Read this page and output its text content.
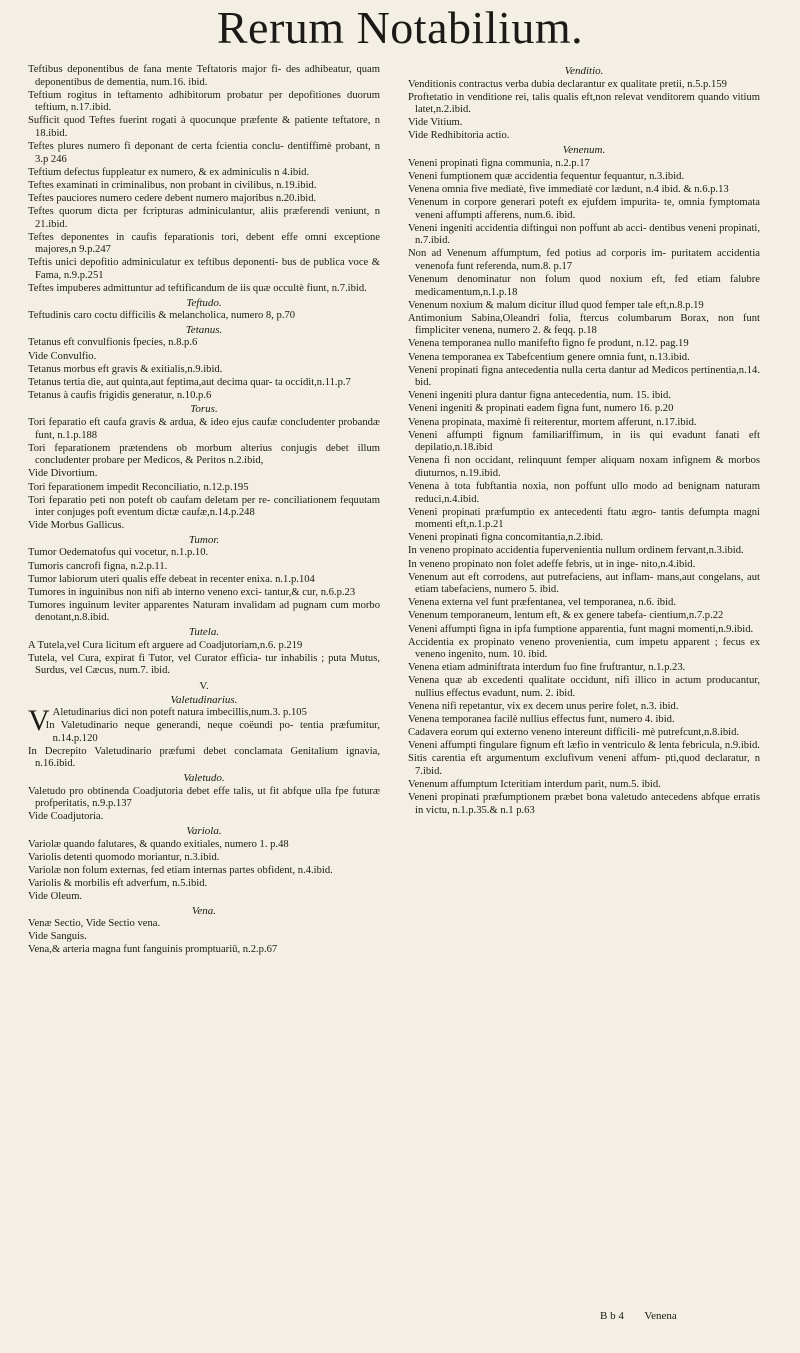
Rerum Notabilium.
Teftibus deponentibus de fana mente Teftatoris major fi- des adhibeatur, quam deponentibus de dementia, num.16. ibid.
Teftium rogitus in teftamento adhibitorum probatur per depofitiones duorum teftium, n.17.ibid.
Sufficit quod Teftes fuerint rogati à quocunque præfente & patiente teftatore, n 18.ibid.
Teftes plures numero fi deponant de certa fcientia conclu- dentiffimè probant, n 3.p 246
Teftium defectus fuppleatur ex numero, & ex adminiculis n 4.ibid.
Teftes examinati in criminalibus, non probant in civilibus, n.19.ibid.
Teftes pauciores numero cedere debent numero majoribus n.20.ibid.
Teftes quorum dicta per fcripturas adminiculantur, aliis præferendi veniunt, n 21.ibid.
Teftes deponentes in caufis feparationis tori, debent effe omni exceptione majores,n 9.p.247
Teftis unici depofitio adminiculatur ex teftibus deponenti- bus de publica voce & Fama, n.9.p.251
Teftes impuberes admittuntur ad teftificandum de iis quæ occultè fiunt, n.7.ibid.
Teftudo.
Teftudinis caro coctu difficilis & melancholica, numero 8, p.70
Tetanus.
Tetanus eft convulfionis fpecies, n.8.p.6
Vide Convulfio.
Tetanus morbus eft gravis & exitialis,n.9.ibid.
Tetanus tertia die, aut quinta,aut feptima,aut decima quar- ta occidit,n.11.p.7
Tetanus à caufis frigidis generatur, n.10.p.6
Torus.
Tori feparatio eft caufa gravis & ardua, & ideo ejus caufæ concludenter probandæ funt, n.1.p.188
Tori feparationem prætendens ob morbum alterius conjugis debet illum concludenter probare per Medicos, & Peritos n.2.ibid,
Vide Divortium.
Tori feparationem impedit Reconciliatio, n.12.p.195
Tori feparatio peti non poteft ob caufam deletam per re- conciliationem fequutam inter conjuges poft eventum dictæ caufæ,n.14.p.248
Vide Morbus Gallicus.
Tumor.
Tumor Oedematofus qui vocetur, n.1.p.10.
Tumoris cancrofi figna, n.2.p.11.
Tumor labiorum uteri qualis effe debeat in recenter enixa. n.1.p.104
Tumores in inguinibus non nifi ab interno veneno exci- tantur,& cur, n.6.p.23
Tumores inguinum leviter apparentes Naturam invalidam ad pugnam cum morbo denotant,n.8.ibid.
Tutela.
A Tutela,vel Cura licitum eft arguere ad Coadjutoriam,n.6. p.219
Tutela, vel Cura, expirat fi Tutor, vel Curator efficia- tur inhabilis ; puta Mutus, Surdus, vel Cæcus, num.7. ibid.
V.
Valetudinarius.
V Aletudinarius dici non poteft natura imbecillis,num.3. p.105
In Valetudinario neque generandi, neque coëundi po- tentia præfumitur, n.14.p.120
In Decrepito Valetudinario præfumi debet conclamata Genitalium ignavia, n.16.ibid.
Valetudo.
Valetudo pro obtinenda Coadjutoria debet effe talis, ut fit abfque ulla fpe futuræ profperitatis, n.9.p.137
Vide Coadjutoria.
Variola.
Variolæ quando falutares, & quando exitiales, numero 1. p.48
Variolis detenti quomodo moriantur, n.3.ibid.
Variolæ non folum externas, fed etiam internas partes obfident, n.4.ibid.
Variolis & morbilis eft adverfum, n.5.ibid.
Vide Oleum.
Vena.
Venæ Sectio, Vide Sectio vena.
Vide Sanguis.
Vena,& arteria magna funt fanguinis promptuariū, n.2.p.67
Venditio.
Venditionis contractus verba dubia declarantur ex qualitate pretii, n.5.p.159
Proftetatio in venditione rei, talis qualis eft,non relevat venditorem quando vitium latet,n.2.ibid.
Vide Vitium.
Vide Redhibitoria actio.
Venenum.
Veneni propinati figna communia, n.2.p.17
Veneni fumptionem quæ accidentia fequentur fequantur, n.3.ibid.
Venena omnia five mediatè, five immediatè cor lædunt, n.4 ibid. & n.6.p.13
Venenum in corpore generari poteft ex ejufdem impurita- te, omnia fymptomata veneni affumpti afferens, num.6. ibid.
Veneni ingeniti accidentia diftingui non poffunt ab acci- dentibus veneni propinati, n.7.ibid.
Non ad Venenum affumptum, fed potius ad corporis im- puritatem accidentia venenofa funt referenda, num.8. p.17
Venenum denominatur non folum quod noxium eft, fed etiam falubre medicamentum,n.1.p.18
Venenum noxium & malum dicitur illud quod femper tale eft,n.8.p.19
Antimonium Sabina,Oleandri folia, ftercus columbarum Borax, non funt fimpliciter venena, numero 2. & feqq. p.18
Venena temporanea nullo manifefto figno fe produnt, n.12. pag.19
Venena temporanea ex Tabefcentium genere omnia funt, n.13.ibid.
Veneni propinati figna antecedentia nulla certa dantur ad Medicos pertinentia,n.14. bid.
Veneni ingeniti plura dantur figna antecedentia, num. 15. ibid.
Veneni ingeniti & propinati eadem figna funt, numero 16. p.20
Venena propinata, maximè fi reiterentur, mortem afferunt, n.17.ibid.
Veneni affumpti fignum familiariffimum, in iis qui evadunt fanati eft depilatio,n.18.ibid
Venena fi non occidant, relinquunt femper aliquam noxam infignem & morbos diuturnos, n.19.ibid.
Venena à tota fubftantia noxia, non poffunt ullo modo ad benignam naturam reduci,n.4.ibid.
Veneni propinati præfumptio ex antecedenti ftatu ægro- tantis defumpta magni momenti eft,n.1.p.21
Veneni propinati figna concomitantia,n.2.ibid.
In veneno propinato accidentia fupervenientia nullum ordinem fervant,n.3.ibid.
In veneno propinato non folet adeffe febris, ut in inge- nito,n.4.ibid.
Venenum aut eft corrodens, aut putrefaciens, aut inflam- mans,aut congelans, aut etiam tabefaciens, numero 5. ibid.
Venena externa vel funt præfentanea, vel temporanea, n.6. ibid.
Venenum temporaneum, lentum eft, & ex genere tabefa- cientium,n.7.p.22
Veneni affumpti figna in ipfa fumptione apparentia, funt magni momenti,n.9.ibid.
Accidentia ex propinato veneno provenientia, cum impetu apparent ; fecus ex veneno ingenito, num. 10. ibid.
Venena etiam adminiftrata interdum fuo fine fruftrantur, n.1.p.23.
Venena quæ ab excedenti qualitate occidunt, nifi illico in actum producantur, nullius effectus evadunt, num. 2. ibid.
Venena nifi repetantur, vix ex decem unus perire folet, n.3. ibid.
Venena temporanea facilè nullius effectus funt, numero 4. ibid.
Cadavera eorum qui externo veneno intereunt difficili- mè putrefcunt,n.8.ibid.
Veneni affumpti fingulare fignum eft læfio in ventriculo & lenta febricula, n.9.ibid.
Sitis carentia eft argumentum exclufivum veneni affum- pti,quod declaratur, n 7.ibid.
Venenum affumptum Icteritiam interdum parit, num.5. ibid.
Veneni propinati præfumptionem præbet bona valetudo antecedens abfque erratis in victu, n.1.p.35.& n.1 p.63
B b 4 Venena
